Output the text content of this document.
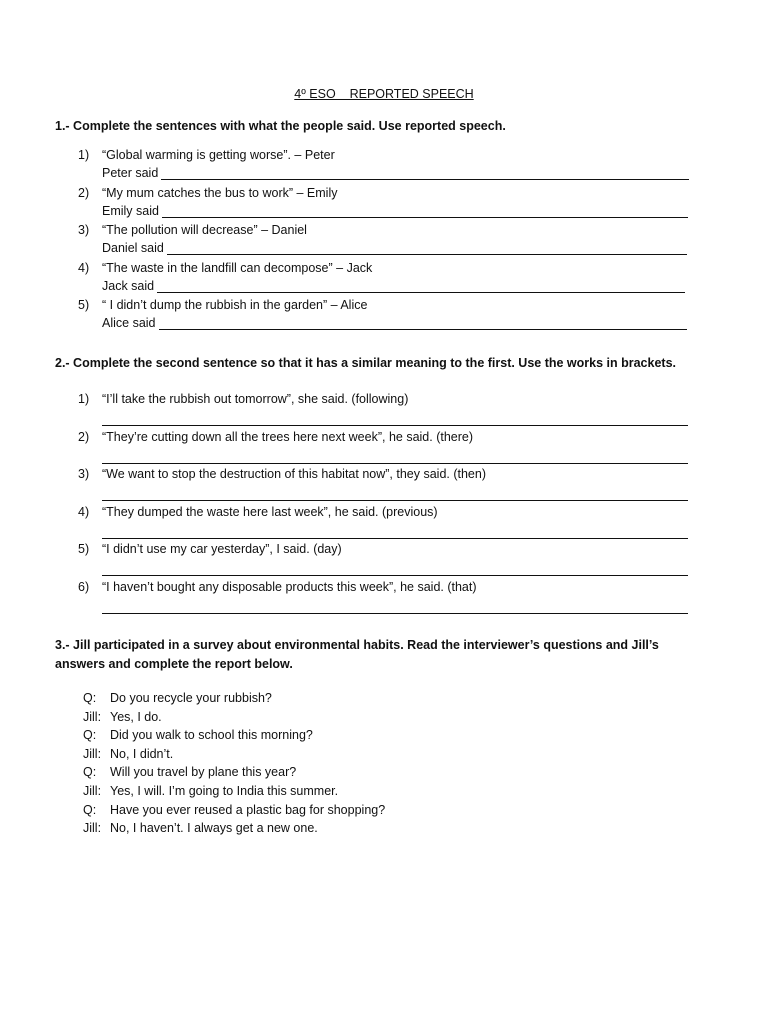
4º ESO    REPORTED SPEECH
1.- Complete the sentences with what the people said. Use reported speech.
1)	“Global warming is getting worse”. – Peter
Peter said
2)	“My mum catches the bus to work” – Emily
Emily said
3)	“The pollution will decrease” – Daniel
Daniel said
4)	“The waste in the landfill can decompose” – Jack
Jack said
5)	“ I didn’t dump the rubbish in the garden” – Alice
Alice said
2.- Complete the second sentence so that it has a similar meaning to the first. Use the works in brackets.
1)	“I’ll take the rubbish out tomorrow”, she said. (following)
2)	“They’re cutting down all the trees here next week”, he said. (there)
3)	“We want to stop the destruction of this habitat now”, they said. (then)
4)	“They dumped the waste here last week”, he said. (previous)
5)	“I didn’t use my car yesterday”, I said. (day)
6)	“I haven’t bought any disposable products this week”, he said. (that)
3.- Jill participated in a survey about environmental habits. Read the interviewer’s questions and Jill’s
answers and complete the report below.
Q:	Do you recycle your rubbish?
Jill: Yes, I do.
Q:	Did you walk to school this morning?
Jill: No, I didn’t.
Q:	Will you travel by plane this year?
Jill: Yes, I will. I’m going to India this summer.
Q:	Have you ever reused a plastic bag for shopping?
Jill: No, I haven’t. I always get a new one.
